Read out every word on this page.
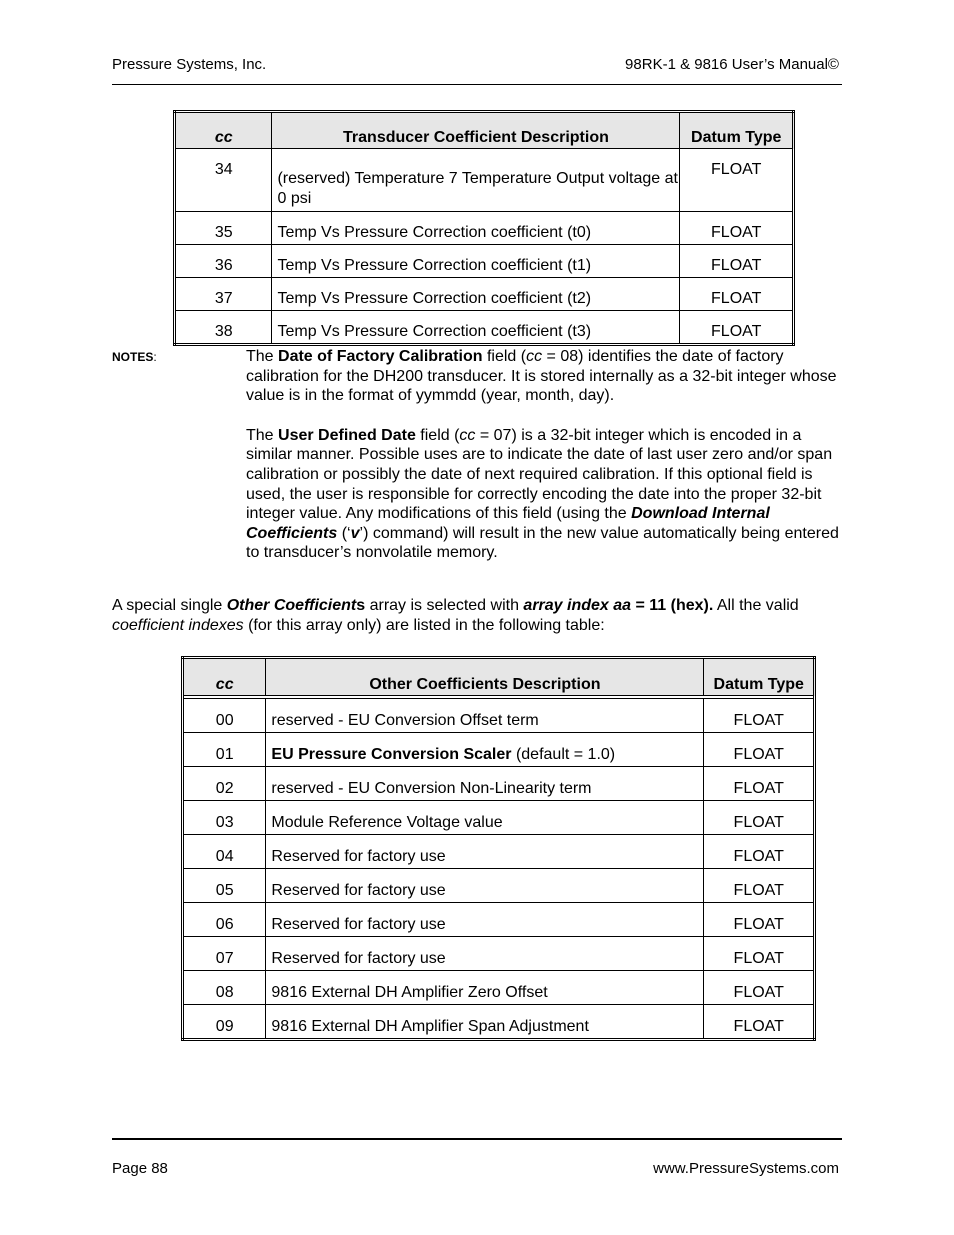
Pressure Systems, Inc.	98RK-1 & 9816 User’s Manual©
cc	Transducer Coefficient Description	Datum Type
34	(reserved) Temperature 7 Temperature Output voltage at 0 psi	FLOAT
35	Temp Vs Pressure Correction coefficient (t0)	FLOAT
36	Temp Vs Pressure Correction coefficient (t1)	FLOAT
37	Temp Vs Pressure Correction coefficient (t2)	FLOAT
38	Temp Vs Pressure Correction coefficient (t3)	FLOAT
NOTES:	The Date of Factory Calibration field (cc = 08) identifies the date of factory calibration for the DH200 transducer. It is stored internally as a 32-bit integer whose value is in the format of yymmdd (year, month, day).

The User Defined Date field (cc = 07) is a 32-bit integer which is encoded in a similar manner. Possible uses are to indicate the date of last user zero and/or span calibration or possibly the date of next required calibration. If this optional field is used, the user is responsible for correctly encoding the date into the proper 32-bit integer value. Any modifications of this field (using the Download Internal Coefficients (‘v’) command) will result in the new value automatically being entered to transducer’s nonvolatile memory.

A special single Other Coefficients array is selected with array index aa = 11 (hex). All the valid coefficient indexes (for this array only) are listed in the following table:
cc	Other Coefficients Description	Datum Type

00	reserved - EU Conversion Offset term	FLOAT
01	EU Pressure Conversion Scaler (default = 1.0)	FLOAT
02	reserved - EU Conversion Non-Linearity term	FLOAT
03	Module Reference Voltage value	FLOAT
04	Reserved for factory use	FLOAT
05	Reserved for factory use	FLOAT
06	Reserved for factory use	FLOAT
07	Reserved for factory use	FLOAT
08	9816 External DH Amplifier Zero Offset	FLOAT
09	9816 External DH Amplifier Span Adjustment	FLOAT
Page 88	www.PressureSystems.com
